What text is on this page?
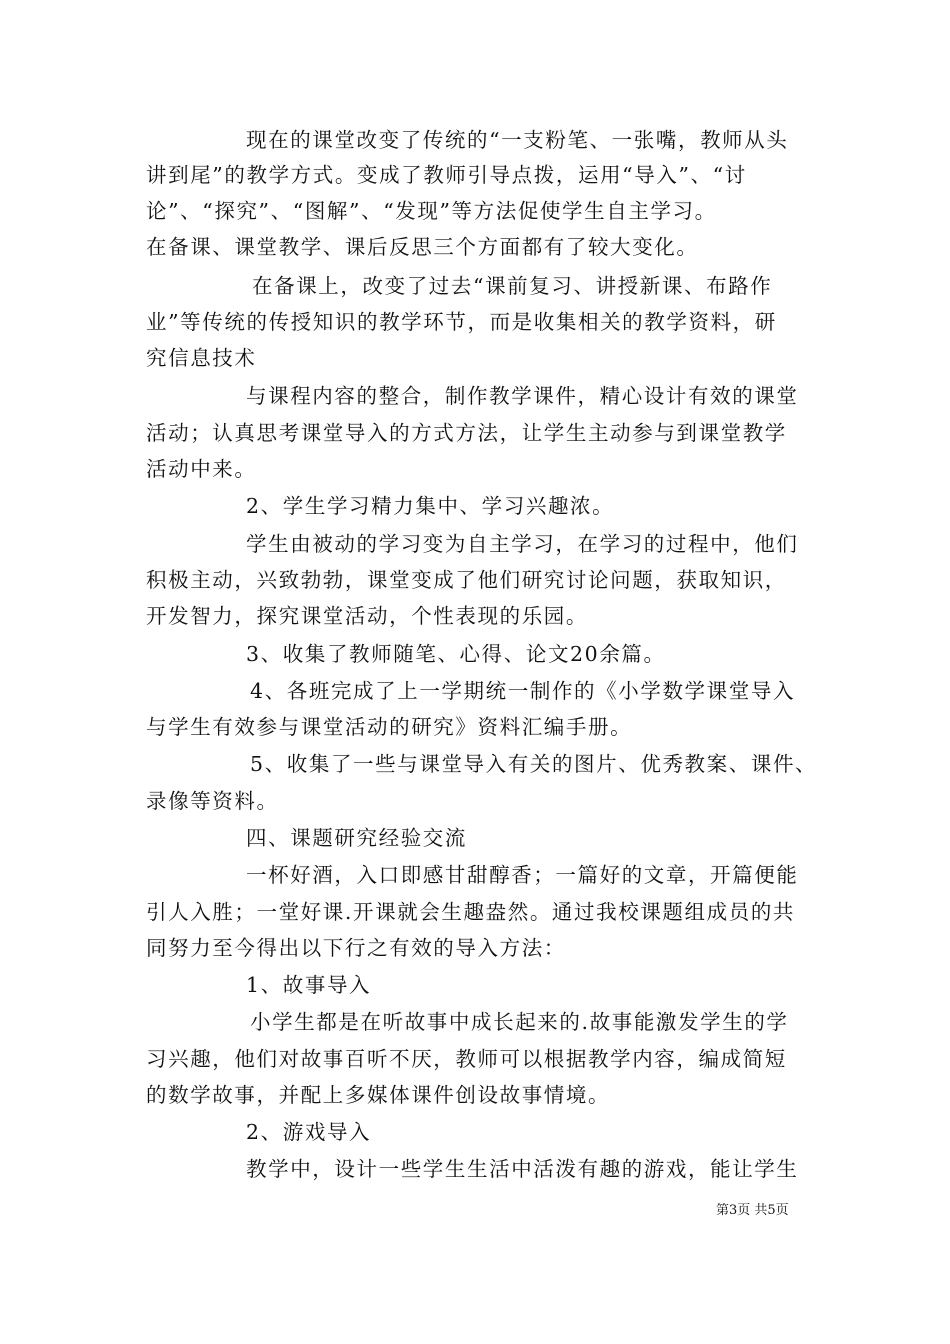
现在的课堂改变了传统的“一支粉笔、一张嘴，教师从头
讲到尾”的教学方式。变成了教师引导点拨，运用“导入”、“讨
论”、“探究”、“图解”、“发现”等方法促使学生自主学习。
在备课、课堂教学、课后反思三个方面都有了较大变化。
在备课上，改变了过去“课前复习、讲授新课、布路作
业”等传统的传授知识的教学环节，而是收集相关的教学资料，研
究信息技术
与课程内容的整合，制作教学课件，精心设计有效的课堂
活动；认真思考课堂导入的方式方法，让学生主动参与到课堂教学
活动中来。
2、学生学习精力集中、学习兴趣浓。
学生由被动的学习变为自主学习，在学习的过程中，他们
积极主动，兴致勃勃，课堂变成了他们研究讨论问题，获取知识，
开发智力，探究课堂活动，个性表现的乐园。
3、收集了教师随笔、心得、论文20余篇。
4、各班完成了上一学期统一制作的《小学数学课堂导入
与学生有效参与课堂活动的研究》资料汇编手册。
5、收集了一些与课堂导入有关的图片、优秀教案、课件、
录像等资料。
四、课题研究经验交流
一杯好酒，入口即感甘甜醇香；一篇好的文章，开篇便能
引人入胜；一堂好课.开课就会生趣盎然。通过我校课题组成员的共
同努力至今得出以下行之有效的导入方法：
1、故事导入
小学生都是在听故事中成长起来的.故事能激发学生的学
习兴趣，他们对故事百听不厌，教师可以根据教学内容，编成简短
的数学故事，并配上多媒体课件创设故事情境。
2、游戏导入
教学中，设计一些学生生活中活泼有趣的游戏，能让学生
第3页 共5页
